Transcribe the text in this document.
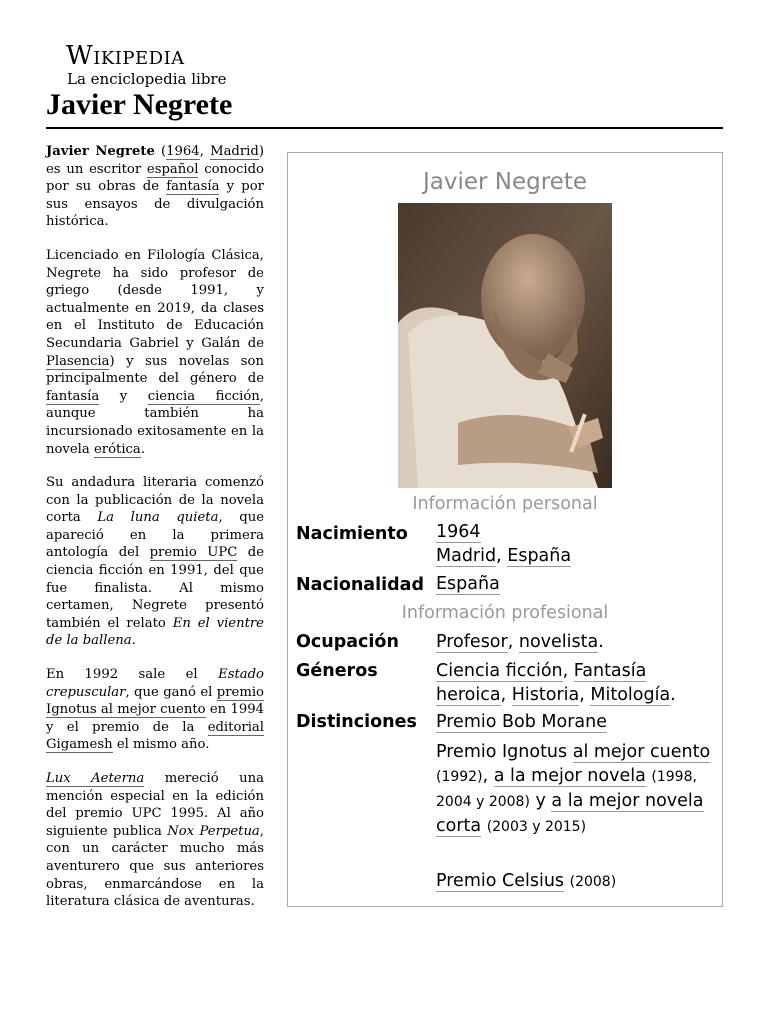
Wikipedia
La enciclopedia libre
Javier Negrete

Javier Negrete (1964, Madrid) es un escritor español conocido por su obras de fantasía y por sus ensayos de divulgación histórica.

Licenciado en Filología Clásica, Negrete ha sido profesor de griego (desde 1991, y actualmente en 2019, da clases en el Instituto de Educación Secundaria Gabriel y Galán de Plasencia) y sus novelas son principalmente del género de fantasía y ciencia ficción, aunque también ha incursionado exitosamente en la novela erótica.

Su andadura literaria comenzó con la publicación de la novela corta La luna quieta, que apareció en la primera antología del premio UPC de ciencia ficción en 1991, del que fue finalista. Al mismo certamen, Negrete presentó también el relato En el vientre de la ballena.

En 1992 sale el Estado crepuscular, que ganó el premio Ignotus al mejor cuento en 1994 y el premio de la editorial Gigamesh el mismo año.

Lux Aeterna mereció una mención especial en la edición del premio UPC 1995. Al año siguiente publica Nox Perpetua, con un carácter mucho más aventurero que sus anteriores obras, enmarcándose en la literatura clásica de aventuras.

Javier Negrete
Información personal
Nacimiento 1964
Madrid, España
Nacionalidad España
Información profesional
Ocupación Profesor, novelista.
Géneros	Ciencia ficción, Fantasía heroica, Historia, Mitología.
Distinciones Premio Bob Morane
Premio Ignotus al mejor cuento (1992), a la mejor novela (1998, 2004 y 2008) y a la mejor novela corta (2003 y 2015)
Premio Celsius (2008)
